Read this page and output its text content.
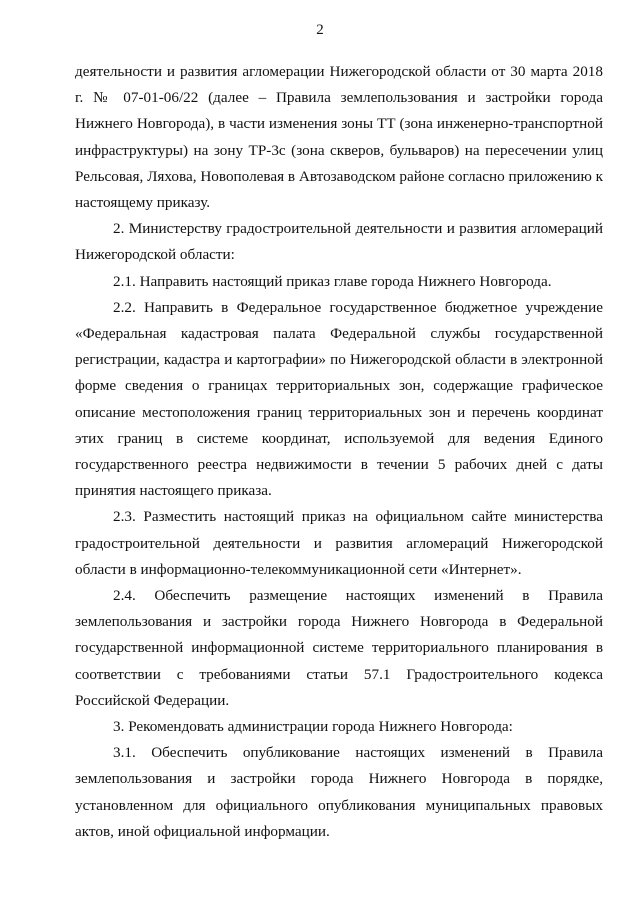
2

деятельности и развития агломерации Нижегородской области от 30 марта 2018 г. № 07-01-06/22 (далее – Правила землепользования и застройки города Нижнего Новгорода), в части изменения зоны ТТ (зона инженерно-транспортной инфраструктуры) на зону ТР-3с (зона скверов, бульваров) на пересечении улиц Рельсовая, Ляхова, Новополевая в Автозаводском районе согласно приложению к настоящему приказу.

2. Министерству градостроительной деятельности и развития агломераций Нижегородской области:

2.1. Направить настоящий приказ главе города Нижнего Новгорода.

2.2. Направить в Федеральное государственное бюджетное учреждение «Федеральная кадастровая палата Федеральной службы государственной регистрации, кадастра и картографии» по Нижегородской области в электронной форме сведения о границах территориальных зон, содержащие графическое описание местоположения границ территориальных зон и перечень координат этих границ в системе координат, используемой для ведения Единого государственного реестра недвижимости в течении 5 рабочих дней с даты принятия настоящего приказа.

2.3. Разместить настоящий приказ на официальном сайте министерства градостроительной деятельности и развития агломераций Нижегородской области в информационно-телекоммуникационной сети «Интернет».

2.4. Обеспечить размещение настоящих изменений в Правила землепользования и застройки города Нижнего Новгорода в Федеральной государственной информационной системе территориального планирования в соответствии с требованиями статьи 57.1 Градостроительного кодекса Российской Федерации.

3. Рекомендовать администрации города Нижнего Новгорода:

3.1. Обеспечить опубликование настоящих изменений в Правила землепользования и застройки города Нижнего Новгорода в порядке, установленном для официального опубликования муниципальных правовых актов, иной официальной информации.
